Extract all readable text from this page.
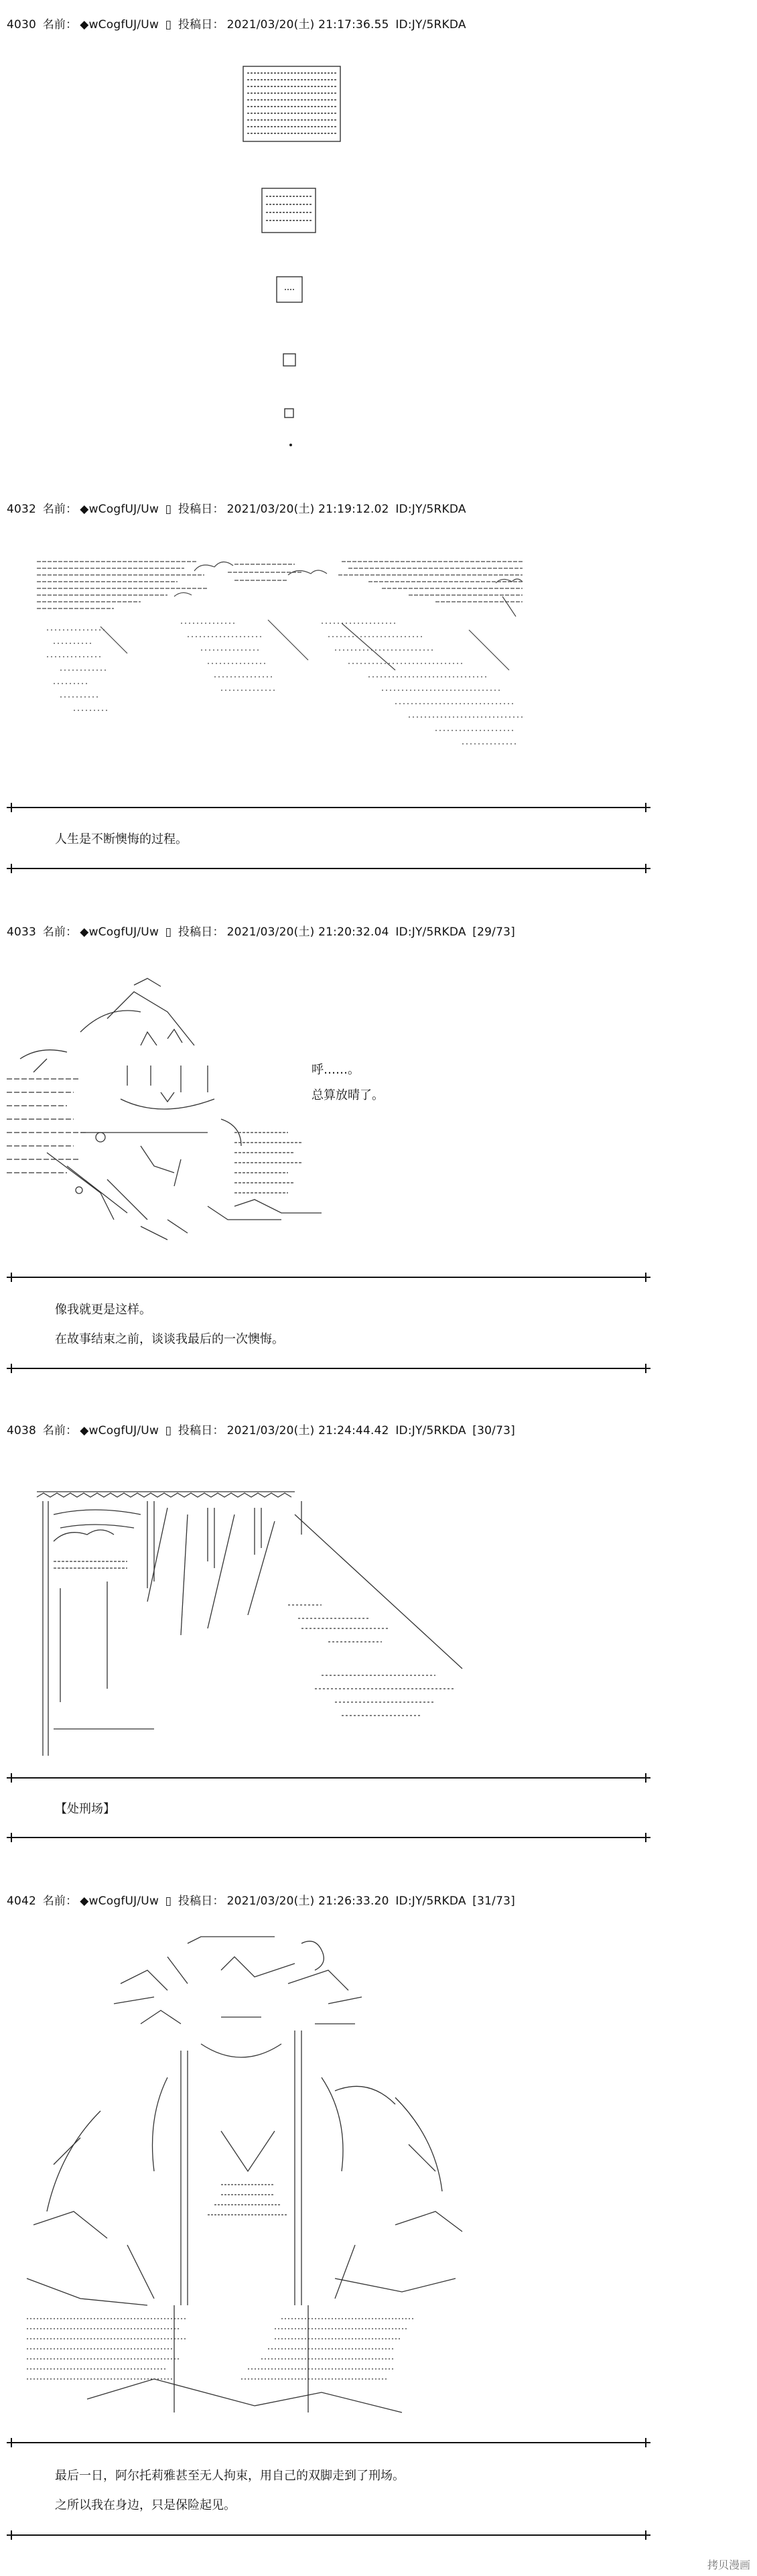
4030 名前： ◆wCogfUJ/Uw ▯ 投稿日： 2021/03/20(土) 21:17:36.55 ID:JY/5RKDA
4032 名前： ◆wCogfUJ/Uw ▯ 投稿日： 2021/03/20(土) 21:19:12.02 ID:JY/5RKDA
人生是不断懊悔的过程。
4033 名前： ◆wCogfUJ/Uw ▯ 投稿日： 2021/03/20(土) 21:20:32.04 ID:JY/5RKDA [29/73]
呼……。
总算放晴了。
像我就更是这样。
在故事结束之前，谈谈我最后的一次懊悔。
4038 名前： ◆wCogfUJ/Uw ▯ 投稿日： 2021/03/20(土) 21:24:44.42 ID:JY/5RKDA [30/73]
【处刑场】
4042 名前： ◆wCogfUJ/Uw ▯ 投稿日： 2021/03/20(土) 21:26:33.20 ID:JY/5RKDA [31/73]
最后一日，阿尔托莉雅甚至无人拘束，用自己的双脚走到了刑场。
之所以我在身边，只是保险起见。
拷贝漫画
